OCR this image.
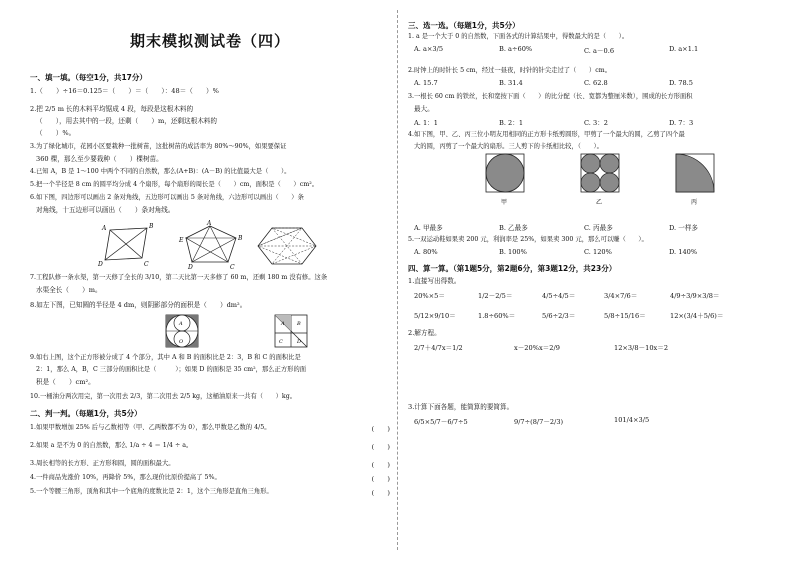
期末模拟测试卷（四）
一、填一填。（每空1分，共17分）
1.（　　）÷16＝0.125＝（　　）＝（　　）：48＝（　　）%
2.把 2/5 m 长的木料平均锯成 4 段，每段是这根木料的
（　　），用去其中的一段，还剩（　　）m，还剩这根木料的
（　　）%。
3.为了绿化城市，花园小区要栽种一批树苗，这批树苗的成活率为 80%～90%，如果要保证
360 棵，那么至少要栽种（　　）棵树苗。
4.已知 A，B 是 1～100 中两个不同的自然数，那么(A+B)：(A－B) 的比值最大是（　　）。
5.把一个半径是 8 cm 的圆平均分成 4 个扇形，每个扇形的周长是（　　）cm，面积是（　　）cm²。
6.如下图，四边形可以画出 2 条对角线，五边形可以画出 5 条对角线，六边形可以画出（　　）条
对角线，十五边形可以画出（　　）条对角线。
A	B
C
D
A
B
C
D
E
7.工程队修一条水渠，第一天修了全长的 3/10，第二天比第一天多修了 60 m，还剩 180 m 没有修。这条
水渠全长（　　）m。
8.如左下图，已知圆的半径是 4 dm，则阴影部分的面积是（　　）dm²。
A
O
A B
C	D
9.如右上图，这个正方形被分成了 4 个部分，其中 A 和 B 的面积比是 2：3，B 和 C 的面积比是
2：1，那么 A，B，C 三部分的面积比是（　　　）；如果 D 的面积是 35 cm²，那么正方形的面
积是（　　）cm²。
10.一桶油分两次用完，第一次用去 2/3，第二次用去 2/5 kg，这桶油原来一共有（　　）kg。
二、判一判。（每题1分，共5分）
1.如果甲数增加 25% 后与乙数相等（甲、乙两数都不为 0），那么甲数是乙数的 4/5。	(　　)
2.如果 a 是不为 0 的自然数，那么 1/a ÷ 4 ＝ 1/4 ÷ a。	(　　)
3.周长相等的长方形、正方形和圆，圆的面积最大。	(　　)
4.一件商品先涨价 10%，再降价 5%，那么现价比原价提高了 5%。	(　　)
5.一个等腰三角形，顶角和其中一个底角的度数比是 2：1，这个三角形是直角三角形。	(　　)
三、选一选。（每题1分，共5分）
1. a 是一个大于 0 的自然数，下面各式的计算结果中，得数最大的是（　　）。
A. a×3/5	B. a÷60%	C. a－0.6	D. a×1.1
2.时钟上的时针长 5 cm，经过一昼夜，时针的针尖走过了（　　）cm。
A. 15.7	B. 31.4	C. 62.8	D. 78.5
3.一根长 60 cm 的铁丝，长和宽按下面（　　）的比分配（长、宽都为整厘米数），围成的长方形面积
最大。
A. 1：1	B. 2：1	C. 3：2	D. 7：3
4.如下图，甲、乙、丙三位小明友用相同的正方形卡纸剪圆形，甲剪了一个最大的圆，乙剪了四个最
大的圆，丙剪了一个最大的扇形。三人剪下的卡纸相比较，（　　）。
甲	乙	丙
A. 甲最多	B. 乙最多	C. 丙最多	D. 一样多
5.一双运动鞋如果卖 200 元，利润率是 25%，如果卖 300 元，那么可以赚（　　）。
A. 80%	B. 100%	C. 120%	D. 140%
四、算一算。（第1题5分，第2题6分，第3题12分，共23分）
1.直接写出得数。
20%×5＝	1/2－2/5＝	4/5÷4/5＝	3/4×7/6＝	4/9÷3/9×3/8＝
5/12×9/10＝	1.8÷60%＝	5/6÷2/3＝	5/8÷15/16＝	12×(3/4＋5/6)＝
2.解方程。
2/7＋4/7x＝1/2	x－20%x＝2/9	12×3/8－10x＝2
3.计算下面各题，能简算的要简算。
6/5×5/7－6/7÷5	9/7÷(8/7－2/3)	101/4×3/5
